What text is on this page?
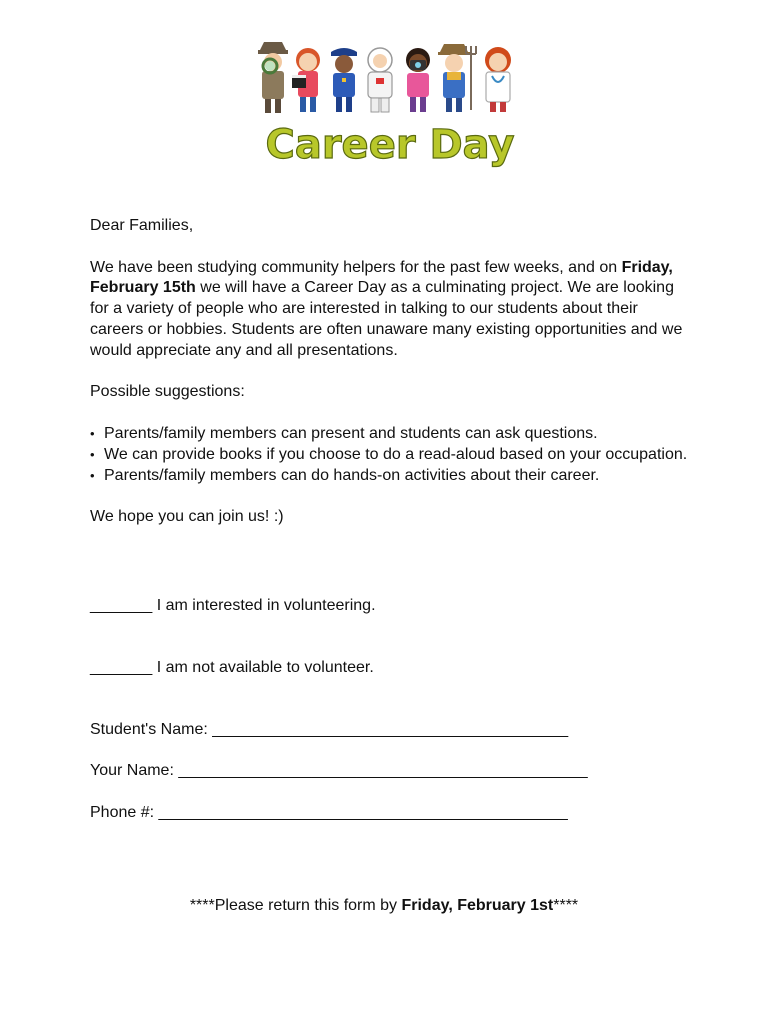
Career Day

Dear Families,

We have been studying community helpers for the past few weeks, and on Friday, February 15th we will have a Career Day as a culminating project. We are looking for a variety of people who are interested in talking to our students about their careers or hobbies. Students are often unaware many existing opportunities and we would appreciate any and all presentations.

Possible suggestions:

• Parents/family members can present and students can ask questions.
• We can provide books if you choose to do a read-aloud based on your occupation.
• Parents/family members can do hands-on activities about their career.

We hope you can join us! :)

_______ I am interested in volunteering.
_______ I am not available to volunteer.
Student's Name: ________________________________________
Your Name: ______________________________________________
Phone #: ______________________________________________
****Please return this form by Friday, February 1st****
